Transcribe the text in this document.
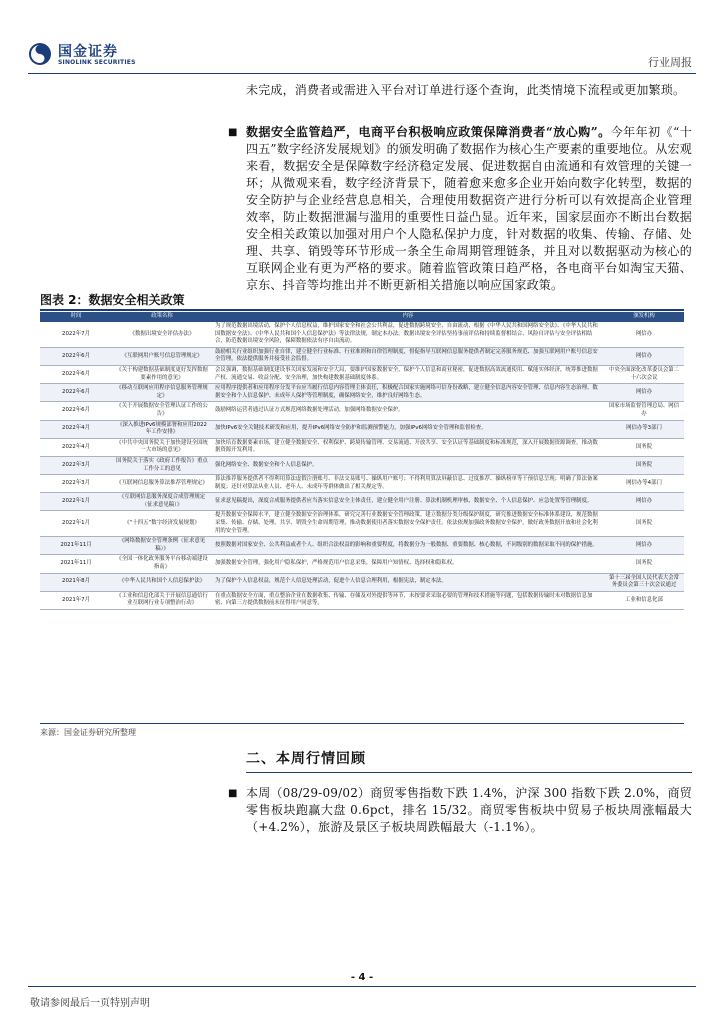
国金证券
SINOLINK SECURITIES	行业周报
未完成，消费者或需进入平台对订单进行逐个查询，此类情境下流程或更加繁琐。
■ 数据安全监管趋严，电商平台积极响应政策保障消费者“放心购”。今年年初《“十四五”数字经济发展规划》的颁发明确了数据作为核心生产要素的重要地位。从宏观来看，数据安全是保障数字经济稳定发展、促进数据自由流通和有效管理的关键一环；从微观来看，数字经济背景下，随着愈来愈多企业开始向数字化转型，数据的安全防护与企业经营息息相关，合理使用数据资产进行分析可以有效提高企业管理效率，防止数据泄漏与滥用的重要性日益凸显。近年来，国家层面亦不断出台数据安全相关政策以加强对用户个人隐私保护力度，针对数据的收集、传输、存储、处理、共享、销毁等环节形成一条全生命周期管理链条，并且对以数据驱动为核心的互联网企业有更为严格的要求。随着监管政策日趋严格，各电商平台如淘宝天猫、京东、抖音等均推出并不断更新相关措施以响应国家政策。
图表 2：数据安全相关政策
时间	政策名称	内容	颁发机构
2022年7月	《数据出境安全评估办法》	为了规范数据出境活动，保护个人信息权益，维护国家安全和社会公共利益，促进数据跨境安全、自由流动，根据《中华人民共和国网络安全法》、《中华人民共和国数据安全法》、《中华人民共和国个人信息保护法》等法律法规，制定本办法。数据出境安全评估坚持事前评估和持续监督相结合、风险自评估与安全评估相结合，防范数据出境安全风险，保障数据依法有序自由流动。	网信办
2022年6月	《互联网用户账号信息管理规定》	鼓励相关行业组织加强行业自律，建立健全行业标准、行业准则和自律管理制度，督促指导互联网信息服务提供者制定完善服务规范、加强互联网用户账号信息安全管理，依法提供服务并接受社会监督。	网信办
2022年6月	《关于构建数据基础制度更好发挥数据要素作用的意见》	会议强调，数据基础制度建设事关国家发展和安全大局，要维护国家数据安全，保护个人信息和商业秘密，促进数据高效流通使用、赋能实体经济，统筹推进数据产权、流通交易、收益分配、安全治理，加快构建数据基础制度体系。	中央全面深化改革委员会第二十六次会议
2022年6月	《移动互联网应用程序信息服务管理规定》	应用程序提供者和应用程序分发平台应当履行信息内容管理主体责任，积极配合国家实施网络可信身份战略，建立健全信息内容安全管理、信息内容生态治理、数据安全和个人信息保护、未成年人保护等管理制度，确保网络安全，维护良好网络生态。	网信办
2022年6月	《关于开展数据安全管理认证工作的公告》	鼓励网络运营者通过认证方式规范网络数据处理活动，加强网络数据安全保护。	国家市场监督管理总局、网信办
2022年4月	《深入推进IPv6规模部署和应用2022年工作安排》	加快IPv6安全关键技术研发和应用，提升IPv6网络安全防护和监测预警能力，加强IPv6网络安全管理和监督检查。	网信办等3部门
2022年4月	《中共中央国务院关于加快建设全国统一大市场的意见》	加快培育数据要素市场，建立健全数据安全、权利保护、跨境传输管理、交易流通、开放共享、安全认证等基础制度和标准规范，深入开展数据资源调查，推动数据资源开发利用。	国务院
2022年3月	国务院关于落实《政府工作报告》重点工作分工的意见	强化网络安全、数据安全和个人信息保护。	国务院
2022年3月	《互联网信息服务算法推荐管理规定》	算法推荐服务提供者不得利用算法虚假注册账号、非法交易账号、操纵用户账号；不得利用算法屏蔽信息、过度推荐、操纵榜单等干预信息呈现；明确了算法备案制度；还针对算法从业人员、老年人、未成年等群体做出了相关规定等。	网信办等4部门
2022年1月	《互联网信息服务深度合成管理规定（征求意见稿）》	征求意见稿提出，深度合成服务提供者应当落实信息安全主体责任，建立健全用户注册、算法机制机理审核、数据安全、个人信息保护、应急处置等管理制度。	网信办
2022年1月	《“十四五”数字经济发展规划》	提升数据安全保障水平，建立健全数据安全治理体系，研究完善行业数据安全管理政策。建立数据分类分级保护制度，研究推进数据安全标准体系建设，规范数据采集、传输、存储、处理、共享、销毁全生命周期管理，推动数据使用者落实数据安全保护责任。依法依规加强政务数据安全保护，做好政务数据开放和社会化利用的安全管理。	国务院
2021年11月	《网络数据安全管理条例（征求意见稿）》	按照数据对国家安全、公共利益或者个人、组织合法权益的影响和重要程度，将数据分为一般数据、重要数据、核心数据，不同级别的数据采取不同的保护措施。	网信办
2021年11月	《全国一体化政务服务平台移动端建设指南》	加强数据安全管理，强化用户隐私保护，严格规范用户信息采集，保障用户知情权、选择权和隐私权。	国务院
2021年8月	《中华人民共和国个人信息保护法》	为了保护个人信息权益，规范个人信息处理活动，促进个人信息合理利用，根据宪法，制定本法。	第十三届全国人民代表大会常务委员会第三十次会议通过
2021年7月	《工业和信息化部关于开展信息通信行业互联网行业专项整治行动》	在重点数据安全方面，重点整治企业在数据收集、传输、存储及对外提供等环节，未按要求采取必要的管理和技术措施等问题，包括数据传输时未对数据信息加密、向第三方提供数据前未征得用户同意等。	工业和信息化部
来源：国金证券研究所整理
二、本周行情回顾
■ 本周（08/29-09/02）商贸零售指数下跌 1.4%，沪深 300 指数下跌 2.0%，商贸零售板块跑赢大盘 0.6pct，排名 15/32。商贸零售板块中贸易子板块周涨幅最大（+4.2%），旅游及景区子板块周跌幅最大（-1.1%）。
- 4 -
敬请参阅最后一页特别声明
